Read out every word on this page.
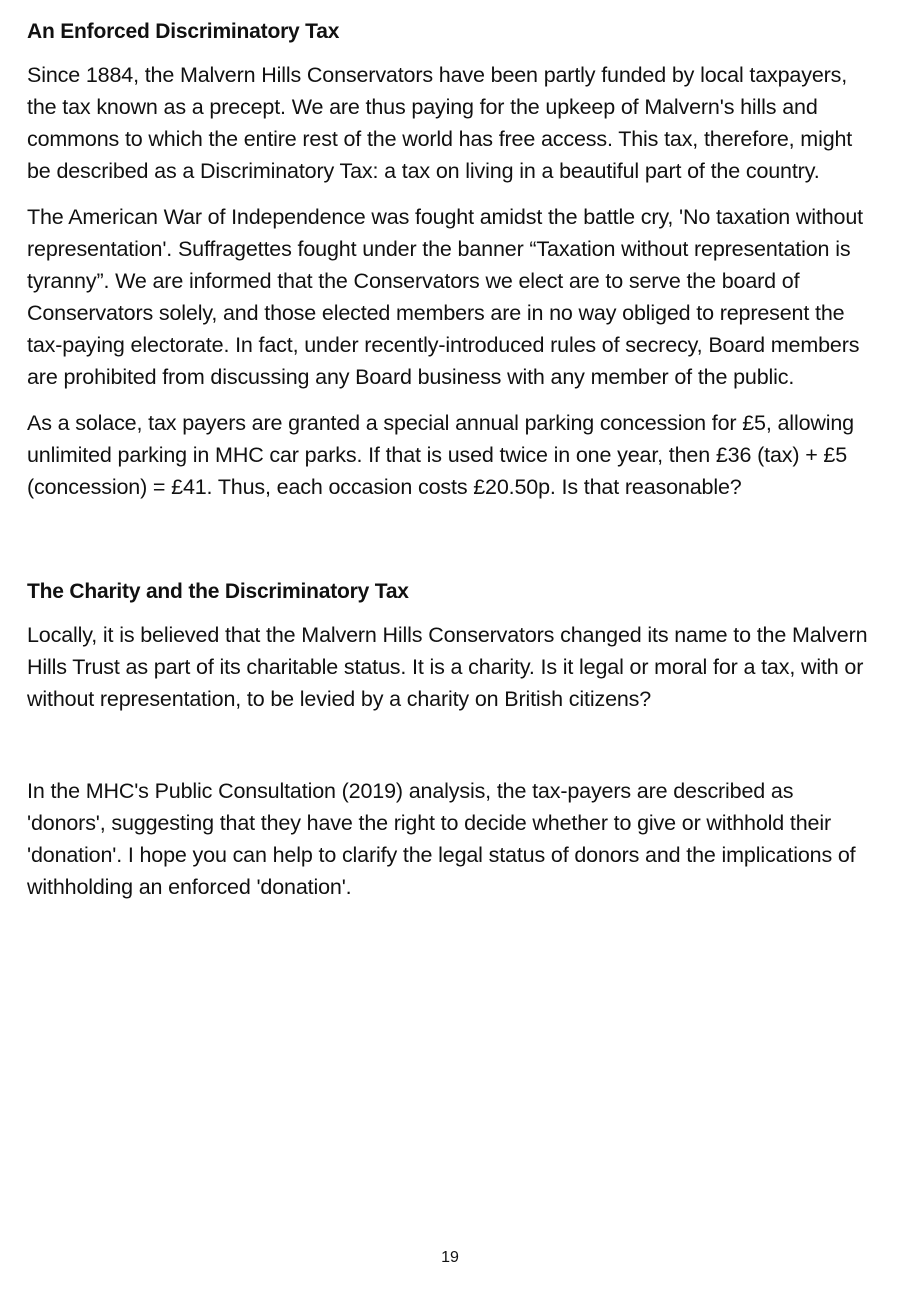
An Enforced Discriminatory Tax

Since 1884, the Malvern Hills Conservators have been partly funded by local taxpayers, the tax known as a precept. We are thus paying for the upkeep of Malvern's hills and commons to which the entire rest of the world has free access. This tax, therefore, might be described as a Discriminatory Tax: a tax on living in a beautiful part of the country.

The American War of Independence was fought amidst the battle cry, 'No taxation without representation'. Suffragettes fought under the banner “Taxation without representation is tyranny”. We are informed that the Conservators we elect are to serve the board of Conservators solely, and those elected members are in no way obliged to represent the tax-paying electorate. In fact, under recently-introduced rules of secrecy, Board members are prohibited from discussing any Board business with any member of the public.

As a solace, tax payers are granted a special annual parking concession for £5, allowing unlimited parking in MHC car parks. If that is used twice in one year, then £36 (tax) + £5 (concession) = £41. Thus, each occasion costs £20.50p. Is that reasonable?

The Charity and the Discriminatory Tax

Locally, it is believed that the Malvern Hills Conservators changed its name to the Malvern Hills Trust as part of its charitable status. It is a charity. Is it legal or moral for a tax, with or without representation, to be levied by a charity on British citizens?

In the MHC's Public Consultation (2019) analysis, the tax-payers are described as 'donors', suggesting that they have the right to decide whether to give or withhold their 'donation'. I hope you can help to clarify the legal status of donors and the implications of withholding an enforced 'donation'.

19
